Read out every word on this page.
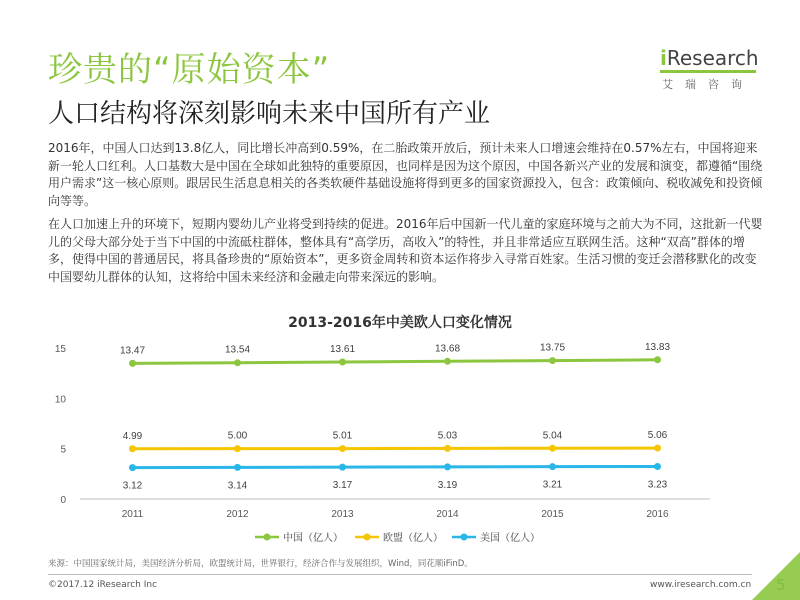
珍贵的“原始资本”
人口结构将深刻影响未来中国所有产业
iResearch
艾瑞咨询

2016年，中国人口达到13.8亿人，同比增长冲高到0.59%，在二胎政策开放后，预计未来人口增速会维持在0.57%左右，中国将迎来新一轮人口红利。人口基数大是中国在全球如此独特的重要原因，也同样是因为这个原因，中国各新兴产业的发展和演变，都遵循“围绕用户需求”这一核心原则。跟居民生活息息相关的各类软硬件基础设施将得到更多的国家资源投入，包含：政策倾向、税收减免和投资倾向等等。

在人口加速上升的环境下，短期内婴幼儿产业将受到持续的促进。2016年后中国新一代儿童的家庭环境与之前大为不同，这批新一代婴儿的父母大部分处于当下中国的中流砥柱群体，整体具有“高学历，高收入”的特性，并且非常适应互联网生活。这种“双高”群体的增多，使得中国的普通居民，将具备珍贵的“原始资本”，更多资金周转和资本运作将步入寻常百姓家。生活习惯的变迁会潜移默化的改变中国婴幼儿群体的认知，这将给中国未来经济和金融走向带来深远的影响。

2013-2016年中美欧人口变化情况
0
5
10
15
2011	2012	2013	2014	2015	2016
13.47	13.54	13.61	13.68	13.75	13.83
4.99	5.00	5.01	5.03	5.04	5.06
3.12	3.14	3.17	3.19	3.21	3.23
中国（亿人）	欧盟（亿人）	美国（亿人）
来源：中国国家统计局，美国经济分析局，欧盟统计局，世界银行，经济合作与发展组织，Wind，同花顺iFinD。
©2017.12 iResearch Inc	www.iresearch.com.cn 5
